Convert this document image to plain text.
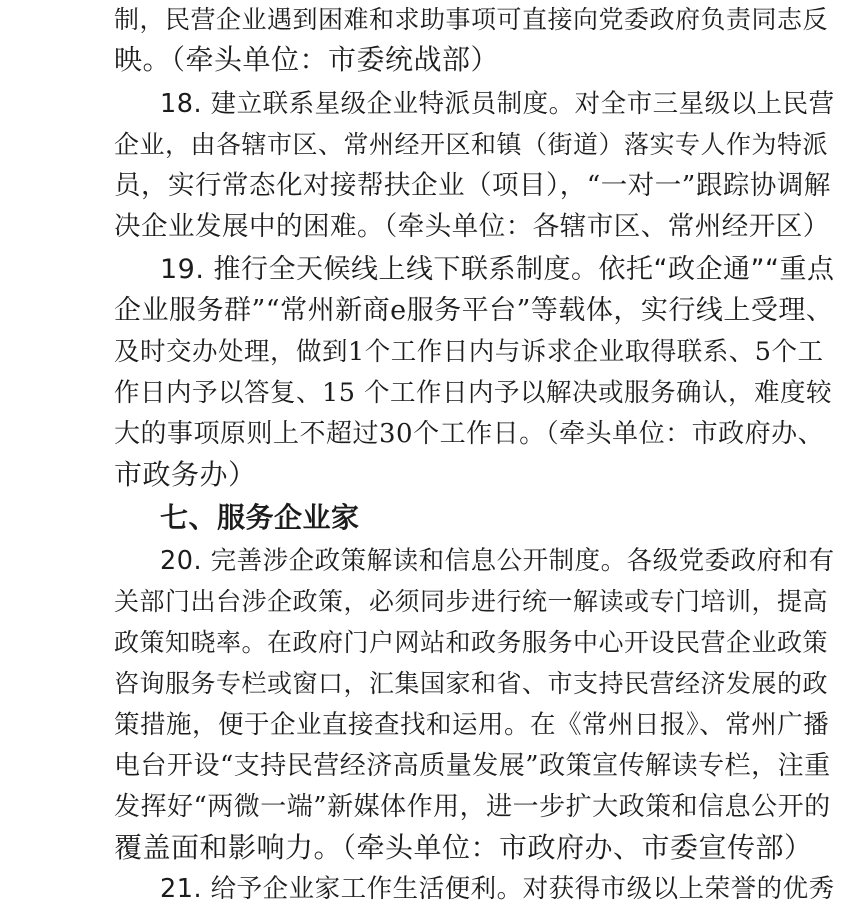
制，民营企业遇到困难和求助事项可直接向党委政府负责同志反
映。（牵头单位：市委统战部）
18. 建立联系星级企业特派员制度。对全市三星级以上民营
企业，由各辖市区、常州经开区和镇（街道）落实专人作为特派
员，实行常态化对接帮扶企业（项目），“一对一”跟踪协调解
决企业发展中的困难。（牵头单位：各辖市区、常州经开区）
19. 推行全天候线上线下联系制度。依托“政企通”“重点
企业服务群”“常州新商e服务平台”等载体，实行线上受理、
及时交办处理，做到1个工作日内与诉求企业取得联系、5个工
作日内予以答复、15 个工作日内予以解决或服务确认，难度较
大的事项原则上不超过30个工作日。（牵头单位：市政府办、
市政务办）
七、服务企业家
20. 完善涉企政策解读和信息公开制度。各级党委政府和有
关部门出台涉企政策，必须同步进行统一解读或专门培训，提高
政策知晓率。在政府门户网站和政务服务中心开设民营企业政策
咨询服务专栏或窗口，汇集国家和省、市支持民营经济发展的政
策措施，便于企业直接查找和运用。在《常州日报》、常州广播
电台开设“支持民营经济高质量发展”政策宣传解读专栏，注重
发挥好“两微一端”新媒体作用，进一步扩大政策和信息公开的
覆盖面和影响力。（牵头单位：市政府办、市委宣传部）
21. 给予企业家工作生活便利。对获得市级以上荣誉的优秀
